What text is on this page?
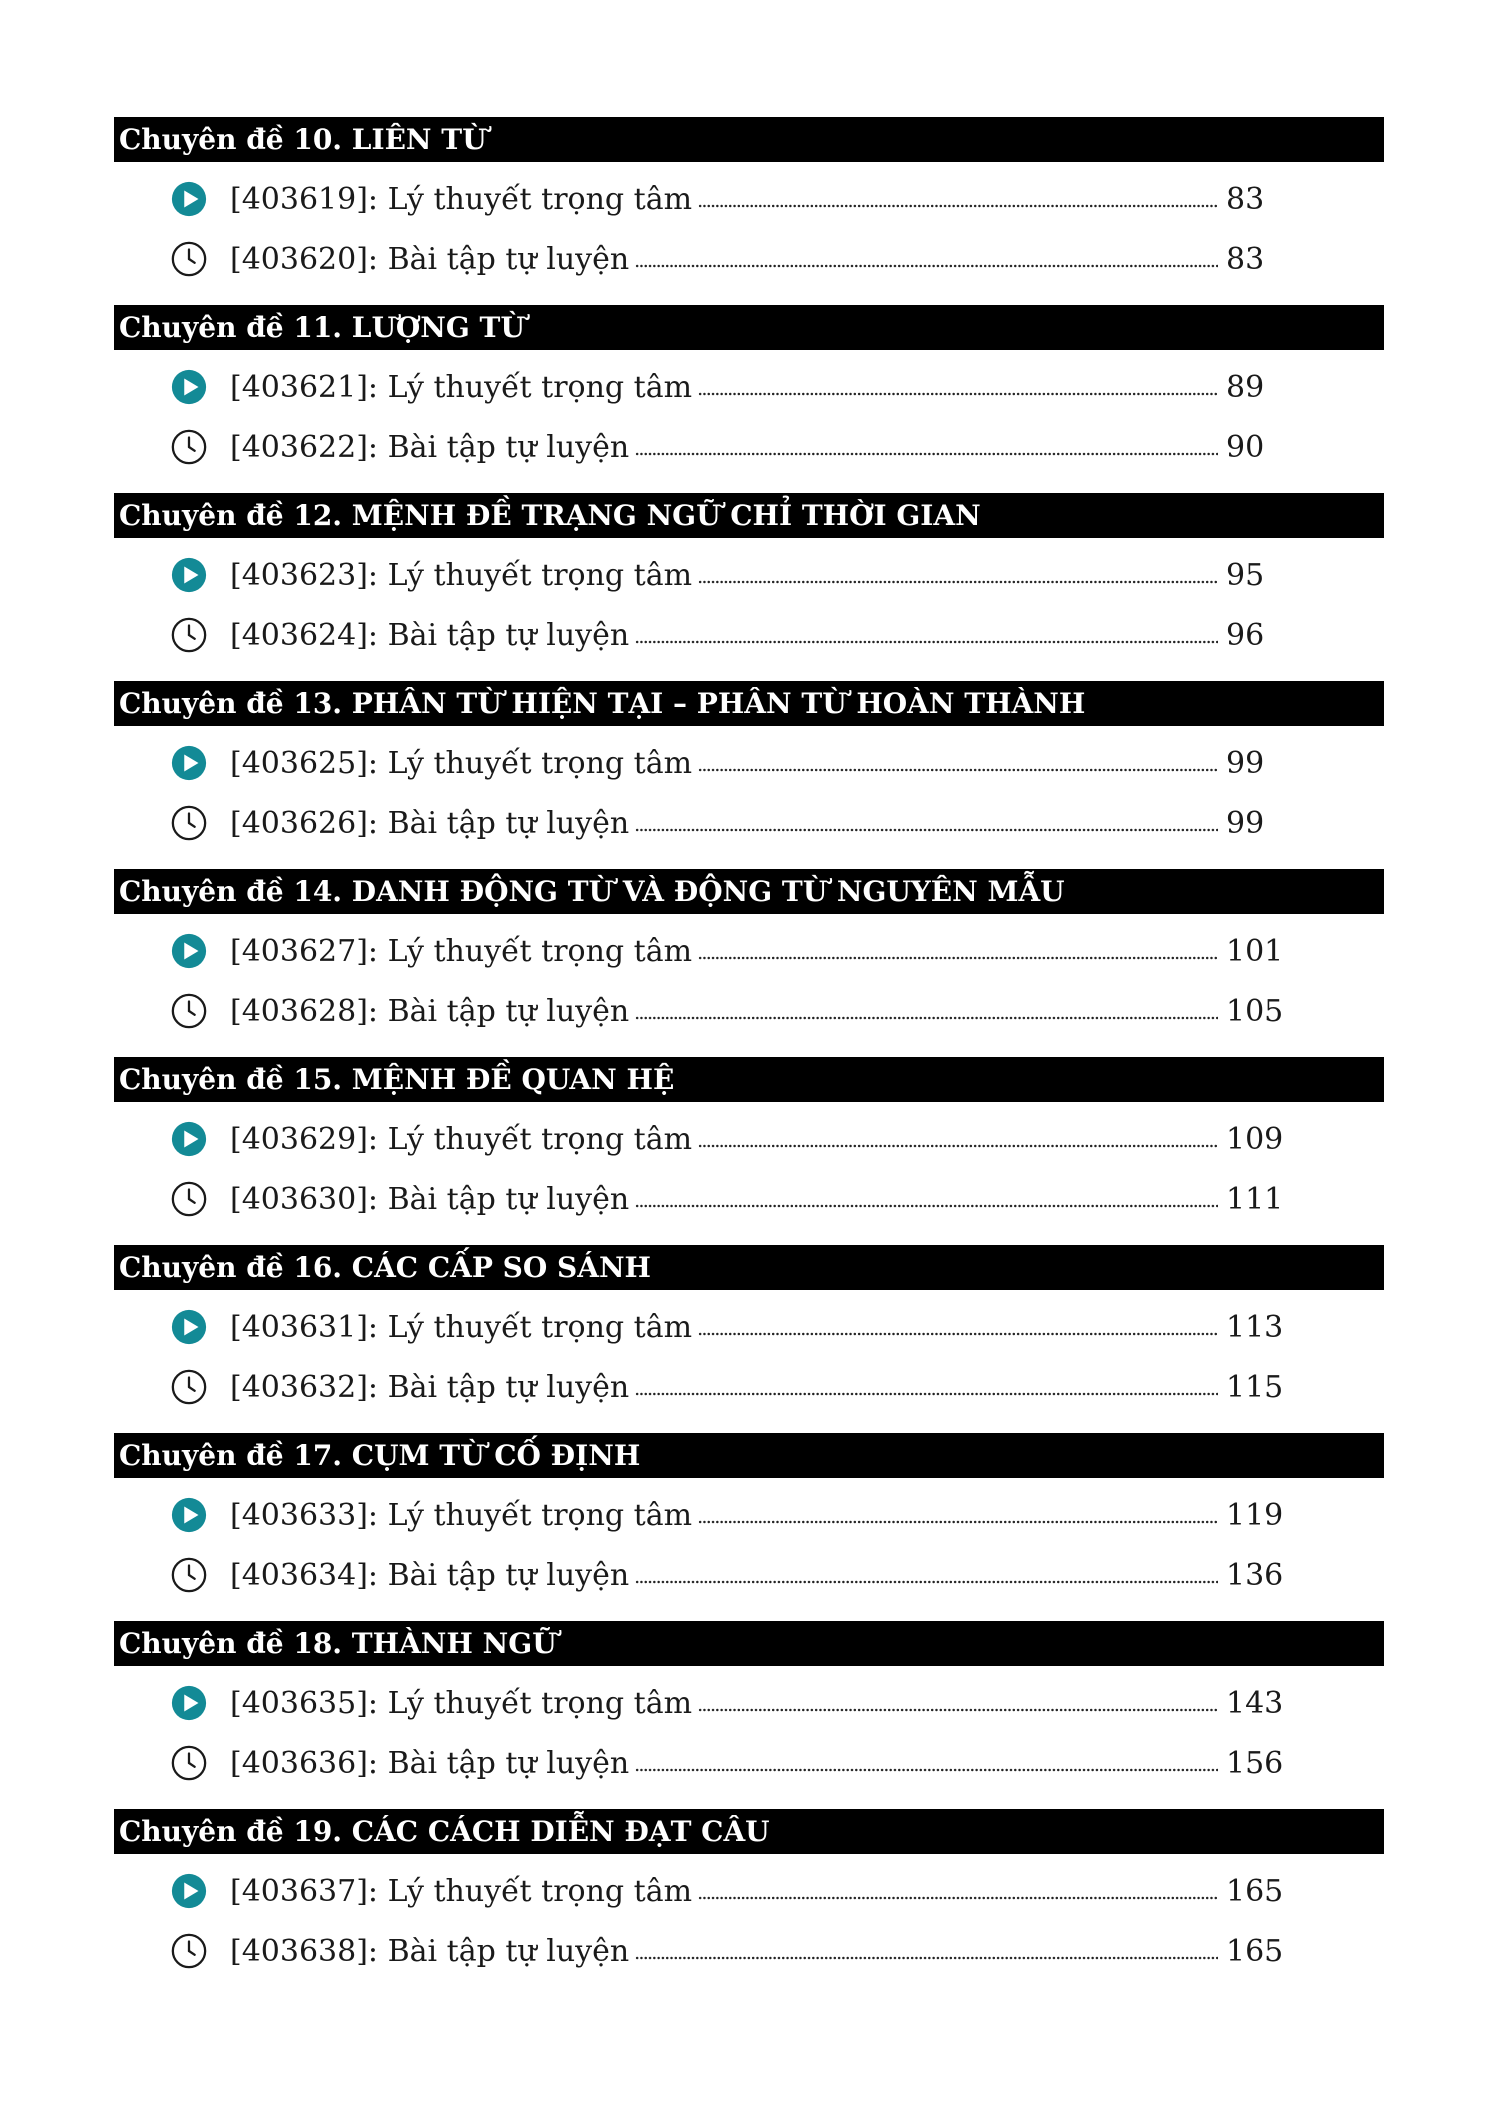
Chuyên đề 10. LIÊN TỪ
[403619]: Lý thuyết trọng tâm	83
[403620]: Bài tập tự luyện	83
Chuyên đề 11. LƯỢNG TỪ
[403621]: Lý thuyết trọng tâm	89
[403622]: Bài tập tự luyện	90
Chuyên đề 12. MỆNH ĐỀ TRẠNG NGỮ CHỈ THỜI GIAN
[403623]: Lý thuyết trọng tâm	95
[403624]: Bài tập tự luyện	96
Chuyên đề 13. PHÂN TỪ HIỆN TẠI – PHÂN TỪ HOÀN THÀNH
[403625]: Lý thuyết trọng tâm	99
[403626]: Bài tập tự luyện	99
Chuyên đề 14. DANH ĐỘNG TỪ VÀ ĐỘNG TỪ NGUYÊN MẪU
[403627]: Lý thuyết trọng tâm	101
[403628]: Bài tập tự luyện	105
Chuyên đề 15. MỆNH ĐỀ QUAN HỆ
[403629]: Lý thuyết trọng tâm	109
[403630]: Bài tập tự luyện	111
Chuyên đề 16. CÁC CẤP SO SÁNH
[403631]: Lý thuyết trọng tâm	113
[403632]: Bài tập tự luyện	115
Chuyên đề 17. CỤM TỪ CỐ ĐỊNH
[403633]: Lý thuyết trọng tâm	119
[403634]: Bài tập tự luyện	136
Chuyên đề 18. THÀNH NGỮ
[403635]: Lý thuyết trọng tâm	143
[403636]: Bài tập tự luyện	156
Chuyên đề 19. CÁC CÁCH DIỄN ĐẠT CÂU
[403637]: Lý thuyết trọng tâm	165
[403638]: Bài tập tự luyện	165
